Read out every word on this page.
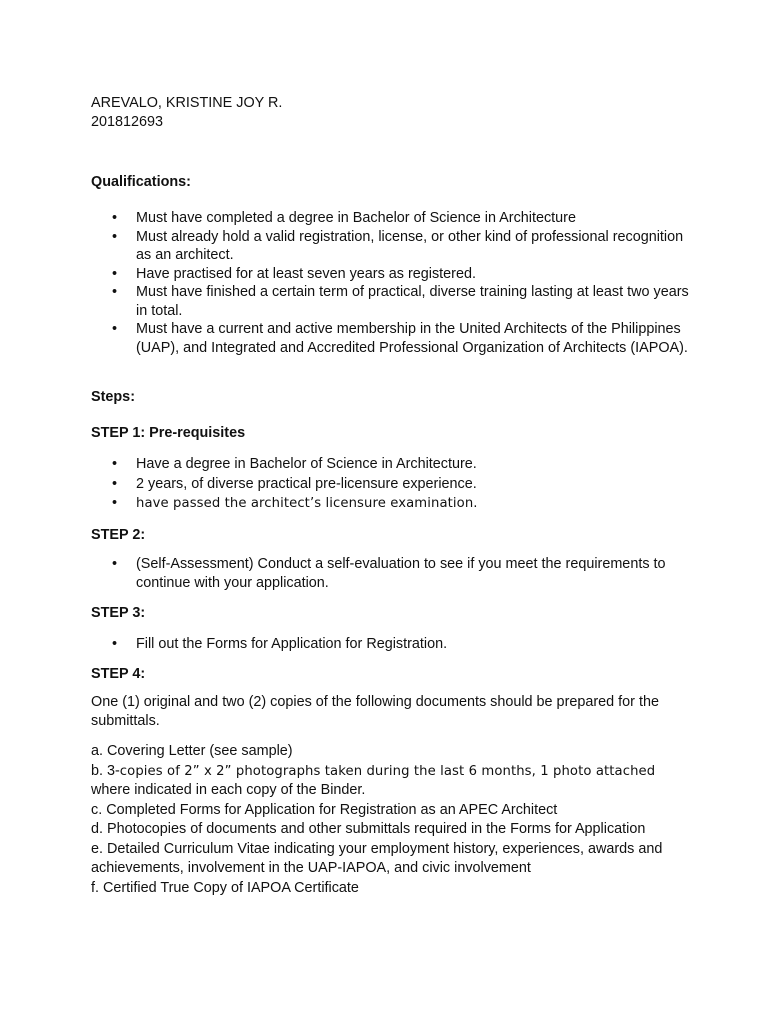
AREVALO, KRISTINE JOY R.

201812693

Qualifications:

• Must have completed a degree in Bachelor of Science in Architecture
• Must already hold a valid registration, license, or other kind of professional recognition as an architect.
• Have practised for at least seven years as registered.
• Must have finished a certain term of practical, diverse training lasting at least two years in total.
• Must have a current and active membership in the United Architects of the Philippines (UAP), and Integrated and Accredited Professional Organization of Architects (IAPOA).

Steps:

STEP 1: Pre-requisites

• Have a degree in Bachelor of Science in Architecture.
• 2 years, of diverse practical pre-licensure experience.
• have passed the architect’s licensure examination.

STEP 2:

• (Self-Assessment) Conduct a self-evaluation to see if you meet the requirements to continue with your application.

STEP 3:

• Fill out the Forms for Application for Registration.

STEP 4:

One (1) original and two (2) copies of the following documents should be prepared for the submittals.

a. Covering Letter (see sample)
b. 3-copies of 2” x 2” photographs taken during the last 6 months, 1 photo attached
where indicated in each copy of the Binder.
c. Completed Forms for Application for Registration as an APEC Architect
d. Photocopies of documents and other submittals required in the Forms for Application
e. Detailed Curriculum Vitae indicating your employment history, experiences, awards and achievements, involvement in the UAP-IAPOA, and civic involvement
f. Certified True Copy of IAPOA Certificate
